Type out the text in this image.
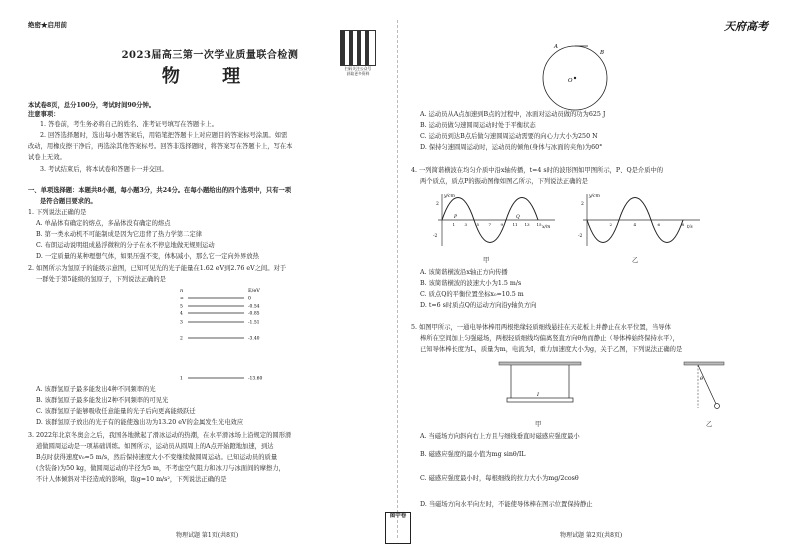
绝密★启用前
2023届高三第一次学业质量联合检测
物 理	扫码关注公众号
获取更多资料
天府高考
本试卷8页，总分100分，考试时间90分钟。
注意事项：
1. 答卷前，考生务必将自己的姓名、准考证号填写在答题卡上。
2. 回答选择题时，选出每小题答案后，用铅笔把答题卡上对应题目的答案标号涂黑。如需
改动，用橡皮擦干净后，再选涂其他答案标号。回答非选择题时，将答案写在答题卡上，写在本
试卷上无效。
3. 考试结束后，将本试卷和答题卡一并交回。
一、单项选择题：本题共8小题，每小题3分，共24分。在每小题给出的四个选项中，只有一项
是符合题目要求的。
1. 下列说法正确的是
A. 单晶体有确定的熔点，多晶体没有确定的熔点
B. 第一类永动机不可能制成是因为它违背了热力学第二定律
C. 布朗运动说明组成悬浮微粒的分子在永不停息地做无规则运动
D. 一定质量的某种理想气体，如果压强不变，体积减小，那么它一定向外界放热
2. 如图所示为氢原子的能级示意图，已知可见光的光子能量在1.62 eV到2.76 eV之间。对于
一群处于第5能级的氢原子，下列说法正确的是
n	E/eV
∞	0
5	-0.54
4	-0.85
3	-1.51
2	-3.40
1	-13.60
A. 该群氢原子最多能发出4种不同频率的光
B. 该群氢原子最多能发出2种不同频率的可见光
C. 该群氢原子能够吸收任意能量的光子后向更高能级跃迁
D. 该群氢原子放出的光子有的能使逸出功为13.20 eV的金属发生光电效应
3. 2022年北京冬奥会之后，我国各地掀起了滑冰运动的热潮，在水平滑冰场上沿规定的圆形滑
道做圆周运动是一项基础训练。如图所示，运动员从圆周上的A点开始蹬地加速，到达
B点时获得速度v₀=5 m/s，然后保持速度大小不变继续做圆周运动。已知运动员的质量
(含装备)为50 kg，做圆周运动的半径为5 m，不考虑空气阻力和冰刀与冰面间的摩擦力，
不计人体倾斜对半径造成的影响，取g=10 m/s²，下列说法正确的是
物理试题 第1页(共8页)
图中卷
O
A
B
A. 运动员从A点加速到B点的过程中，冰面对运动员做的功为625 J
B. 运动员做匀速圆周运动时处于平衡状态
C. 运动员到达B点后做匀速圆周运动需要的向心力大小为250 N
D. 保持匀速圆周运动时，运动员的倾角(身体与冰面的夹角)为60°
4. 一列简谐横波在均匀介质中沿x轴传播，t=4 s时的波形图如甲图所示，P、Q是介质中的
两个质点，质点P的振动图像如图乙所示，下列说法正确的是
y/cm
x/m
2
-2
P	Q
1 3 5 7 9 11 13 15
y/cm
t/s
2
-2
2	4	6	8
甲	乙
A. 该简谐横波沿x轴正方向传播
B. 该简谐横波的波速大小为1.5 m/s
C. 质点Q的平衡位置坐标x₀=10.5 m
D. t=6 s时质点Q的运动方向沿y轴负方向
5. 如图甲所示，一通电导体棒用两根绝缘轻质细线悬挂在天花板上并静止在水平位置，当导体
棒所在空间加上匀强磁场，两根轻质细线均偏离竖直方向θ角而静止（导体棒始终保持水平），
已知导体棒长度为L，质量为m，电流为I，重力加速度大小为g，关于乙图，下列说法正确的是
I
θ
甲	乙
A. 当磁场方向斜向右上方且与细线垂直时磁感应强度最小
B. 磁感应强度的最小值为mg sinθ/IL
C. 磁感应强度最小时，每根细线的拉力大小为mg/2cosθ
D. 当磁场方向水平向左时，不能使导体棒在图示位置保持静止
物理试题 第2页(共8页)
